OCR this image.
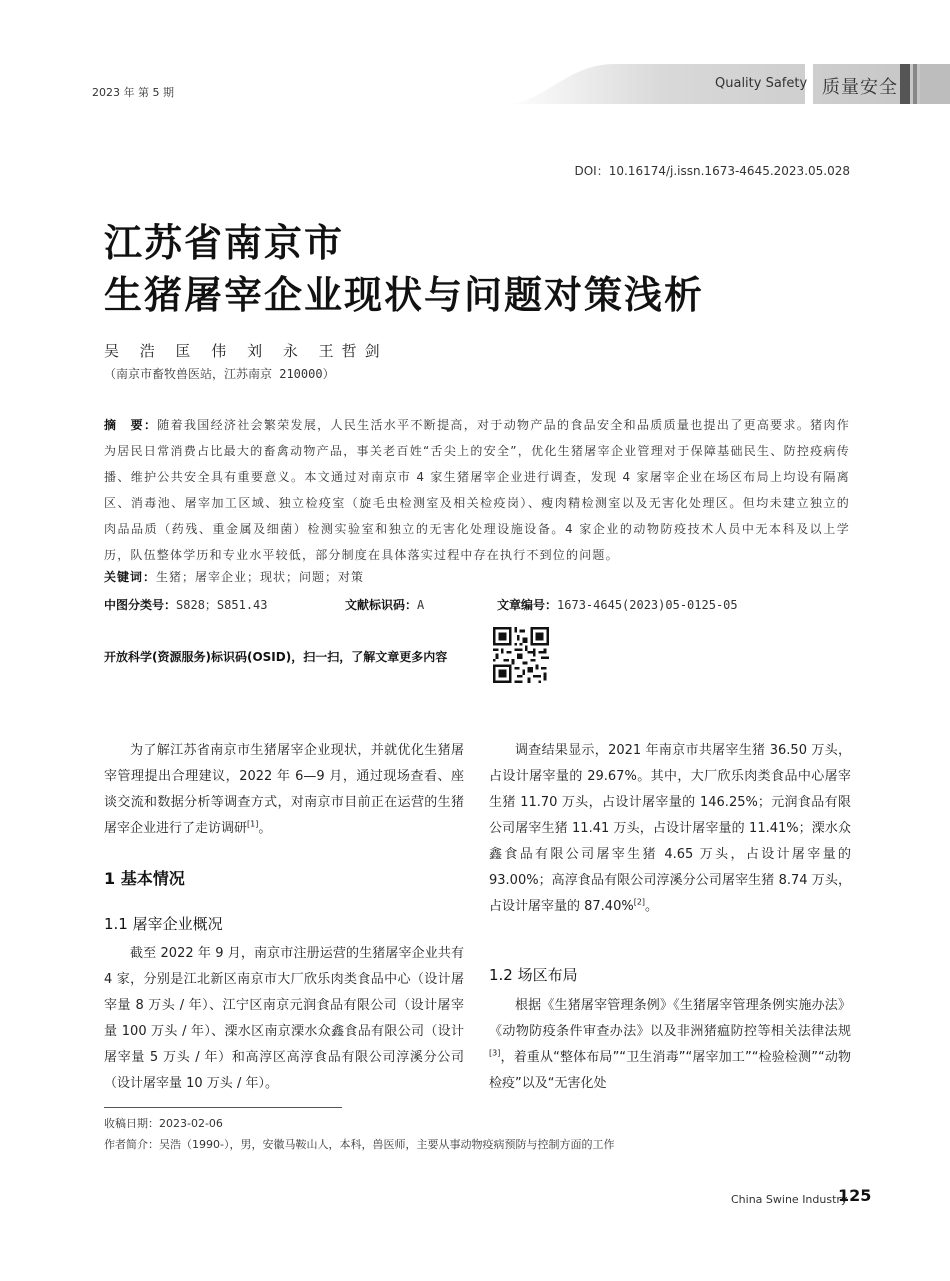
2023 年 第 5 期
Quality Safety 质量安全
DOI：10.16174/j.issn.1673-4645.2023.05.028
江苏省南京市
生猪屠宰企业现状与问题对策浅析
吴 浩 匡 伟 刘 永 王哲剑
（南京市畜牧兽医站，江苏南京 210000）
摘　要：随着我国经济社会繁荣发展，人民生活水平不断提高，对于动物产品的食品安全和品质质量也提出了更高要求。猪肉作为居民日常消费占比最大的畜禽动物产品，事关老百姓“舌尖上的安全”，优化生猪屠宰企业管理对于保障基础民生、防控疫病传播、维护公共安全具有重要意义。本文通过对南京市 4 家生猪屠宰企业进行调查，发现 4 家屠宰企业在场区布局上均设有隔离区、消毒池、屠宰加工区域、独立检疫室（旋毛虫检测室及相关检疫岗）、瘦肉精检测室以及无害化处理区。但均未建立独立的肉品品质（药残、重金属及细菌）检测实验室和独立的无害化处理设施设备。4 家企业的动物防疫技术人员中无本科及以上学历，队伍整体学历和专业水平较低，部分制度在具体落实过程中存在执行不到位的问题。
关键词：生猪；屠宰企业；现状；问题；对策
中图分类号：S828；S851.43	文献标识码：A	文章编号：1673-4645(2023)05-0125-05
开放科学(资源服务)标识码(OSID)，扫一扫，了解文章更多内容

为了解江苏省南京市生猪屠宰企业现状，并就优化生猪屠宰管理提出合理建议，2022 年 6—9 月，通过现场查看、座谈交流和数据分析等调查方式，对南京市目前正在运营的生猪屠宰企业进行了走访调研[1]。

1 基本情况
1.1 屠宰企业概况

截至 2022 年 9 月，南京市注册运营的生猪屠宰企业共有 4 家，分别是江北新区南京市大厂欣乐肉类食品中心（设计屠宰量 8 万头 / 年）、江宁区南京元润食品有限公司（设计屠宰量 100 万头 / 年）、溧水区南京溧水众鑫食品有限公司（设计屠宰量 5 万头 / 年）和高淳区高淳食品有限公司淳溪分公司（设计屠宰量 10 万头 / 年）。

调查结果显示，2021 年南京市共屠宰生猪 36.50 万头，占设计屠宰量的 29.67%。其中，大厂欣乐肉类食品中心屠宰生猪 11.70 万头，占设计屠宰量的 146.25%；元润食品有限公司屠宰生猪 11.41 万头，占设计屠宰量的 11.41%；溧水众鑫食品有限公司屠宰生猪 4.65 万头，占设计屠宰量的 93.00%；高淳食品有限公司淳溪分公司屠宰生猪 8.74 万头，占设计屠宰量的 87.40%[2]。

1.2 场区布局

根据《生猪屠宰管理条例》《生猪屠宰管理条例实施办法》《动物防疫条件审查办法》以及非洲猪瘟防控等相关法律法规[3]，着重从“整体布局”“卫生消毒”“屠宰加工”“检验检测”“动物检疫”以及“无害化处

收稿日期：2023-02-06
作者简介：吴浩（1990-），男，安徽马鞍山人，本科，兽医师，主要从事动物疫病预防与控制方面的工作
China Swine Industry
125
